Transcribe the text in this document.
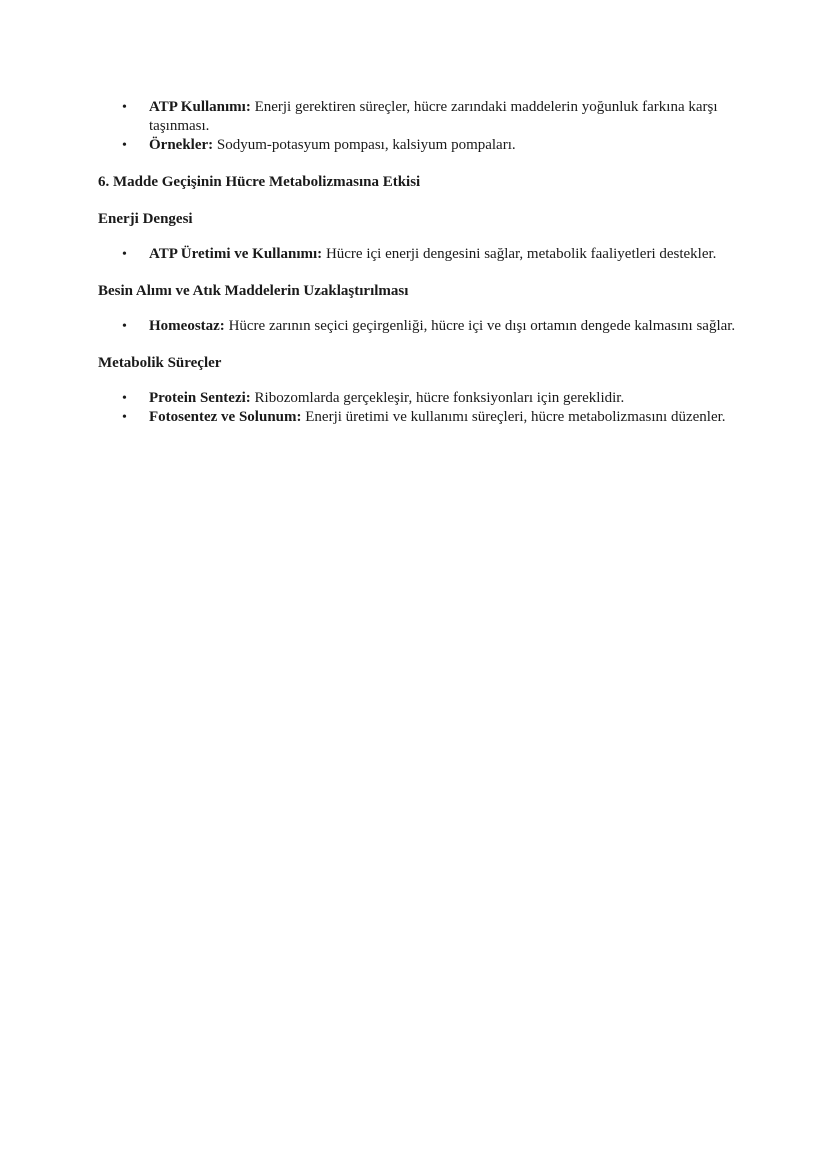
• ATP Kullanımı: Enerji gerektiren süreçler, hücre zarındaki maddelerin yoğunluk farkına karşı taşınması.
• Örnekler: Sodyum-potasyum pompası, kalsiyum pompaları.
6. Madde Geçişinin Hücre Metabolizmasına Etkisi
Enerji Dengesi
• ATP Üretimi ve Kullanımı: Hücre içi enerji dengesini sağlar, metabolik faaliyetleri destekler.
Besin Alımı ve Atık Maddelerin Uzaklaştırılması
• Homeostaz: Hücre zarının seçici geçirgenliği, hücre içi ve dışı ortamın dengede kalmasını sağlar.
Metabolik Süreçler
• Protein Sentezi: Ribozomlarda gerçekleşir, hücre fonksiyonları için gereklidir.
• Fotosentez ve Solunum: Enerji üretimi ve kullanımı süreçleri, hücre metabolizmasını düzenler.
